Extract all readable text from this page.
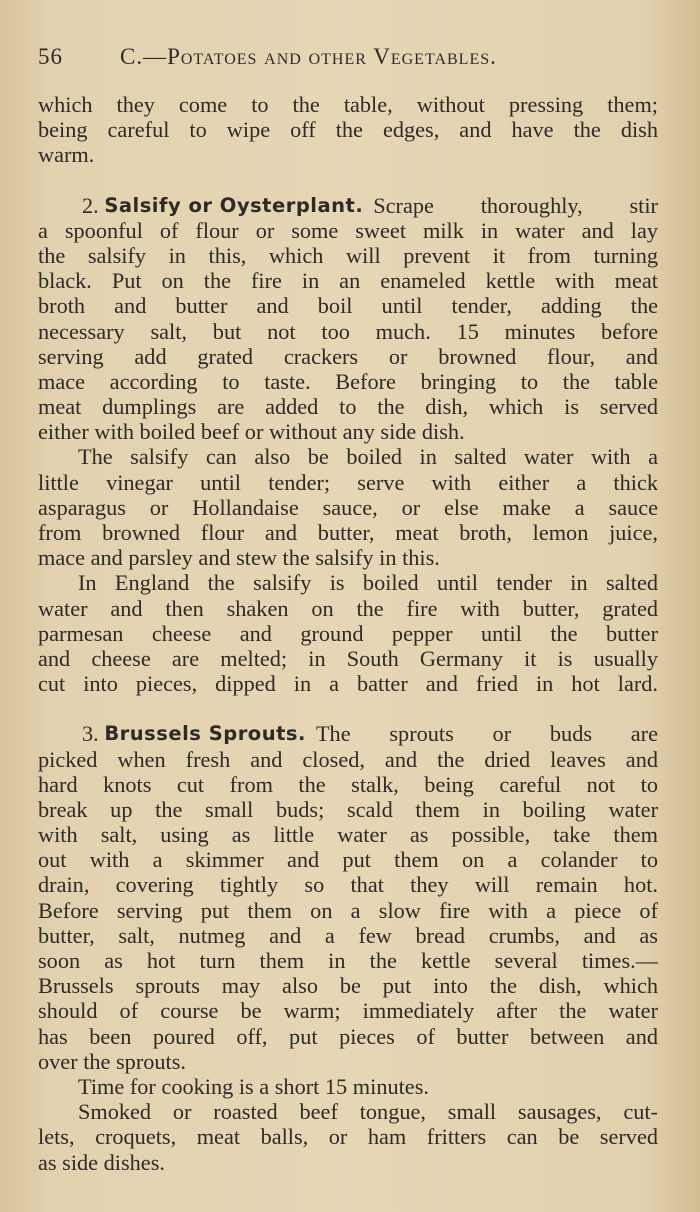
56 C.—Potatoes and other Vegetables.
which they come to the table, without pressing them;
being careful to wipe off the edges, and have the dish
warm.
2.
Salsify or Oysterplant. Scrape thoroughly, stir
a spoonful of flour or some sweet milk in water and lay
the salsify in this, which will prevent it from turning
black. Put on the fire in an enameled kettle with meat
broth and butter and boil until tender, adding the
necessary salt, but not too much. 15 minutes before
serving add grated crackers or browned flour, and
mace according to taste. Before bringing to the table
meat dumplings are added to the dish, which is served
either with boiled beef or without any side dish.
The salsify can also be boiled in salted water with a
little vinegar until tender; serve with either a thick
asparagus or Hollandaise sauce, or else make a sauce
from browned flour and butter, meat broth, lemon juice,
mace and parsley and stew the salsify in this.
In England the salsify is boiled until tender in salted
water and then shaken on the fire with butter, grated
parmesan cheese and ground pepper until the butter
and cheese are melted; in South Germany it is usually
cut into pieces, dipped in a batter and fried in hot lard.
3.
Brussels Sprouts. The sprouts or buds are
picked when fresh and closed, and the dried leaves and
hard knots cut from the stalk, being careful not to
break up the small buds; scald them in boiling water
with salt, using as little water as possible, take them
out with a skimmer and put them on a colander to
drain, covering tightly so that they will remain hot.
Before serving put them on a slow fire with a piece of
butter, salt, nutmeg and a few bread crumbs, and as
soon as hot turn them in the kettle several times.—
Brussels sprouts may also be put into the dish, which
should of course be warm; immediately after the water
has been poured off, put pieces of butter between and
over the sprouts.
Time for cooking is a short 15 minutes.
Smoked or roasted beef tongue, small sausages, cut-
lets, croquets, meat balls, or ham fritters can be served
as side dishes.
